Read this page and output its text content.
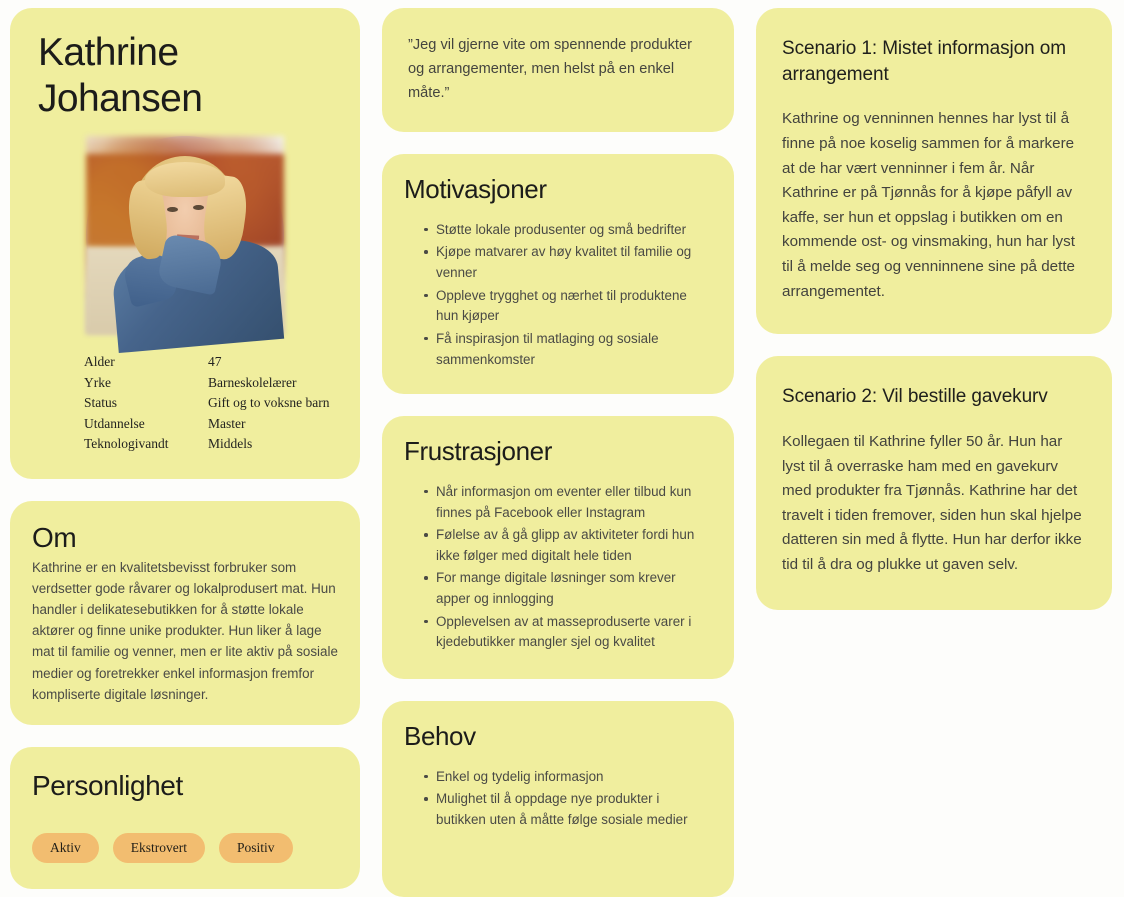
Kathrine Johansen
Alder	47
Yrke	Barneskolelærer
Status	Gift og to voksne barn
Utdannelse	Master
Teknologivandt	Middels
Om
Kathrine er en kvalitetsbevisst forbruker som verdsetter gode råvarer og lokalprodusert mat. Hun handler i delikatesebutikken for å støtte lokale aktører og finne unike produkter. Hun liker å lage mat til familie og venner, men er lite aktiv på sosiale medier og foretrekker enkel informasjon fremfor kompliserte digitale løsninger.
Personlighet
Aktiv	Ekstrovert	Positiv
”Jeg vil gjerne vite om spennende produkter og arrangementer, men helst på en enkel måte.”
Motivasjoner
Støtte lokale produsenter og små bedrifter
Kjøpe matvarer av høy kvalitet til familie og venner
Oppleve trygghet og nærhet til produktene hun kjøper
Få inspirasjon til matlaging og sosiale sammenkomster
Frustrasjoner
Når informasjon om eventer eller tilbud kun finnes på Facebook eller Instagram
Følelse av å gå glipp av aktiviteter fordi hun ikke følger med digitalt hele tiden
For mange digitale løsninger som krever apper og innlogging
Opplevelsen av at masseproduserte varer i kjedebutikker mangler sjel og kvalitet
Behov
Enkel og tydelig informasjon
Mulighet til å oppdage nye produkter i butikken uten å måtte følge sosiale medier
Scenario 1: Mistet informasjon om arrangement
Kathrine og venninnen hennes har lyst til å finne på noe koselig sammen for å markere at de har vært venninner i fem år. Når Kathrine er på Tjønnås for å kjøpe påfyll av kaffe, ser hun et oppslag i butikken om en kommende ost- og vinsmaking, hun har lyst til å melde seg og venninnene sine på dette arrangementet.
Scenario 2: Vil bestille gavekurv
Kollegaen til Kathrine fyller 50 år. Hun har lyst til å overraske ham med en gavekurv med produkter fra Tjønnås. Kathrine har det travelt i tiden fremover, siden hun skal hjelpe datteren sin med å flytte. Hun har derfor ikke tid til å dra og plukke ut gaven selv.
